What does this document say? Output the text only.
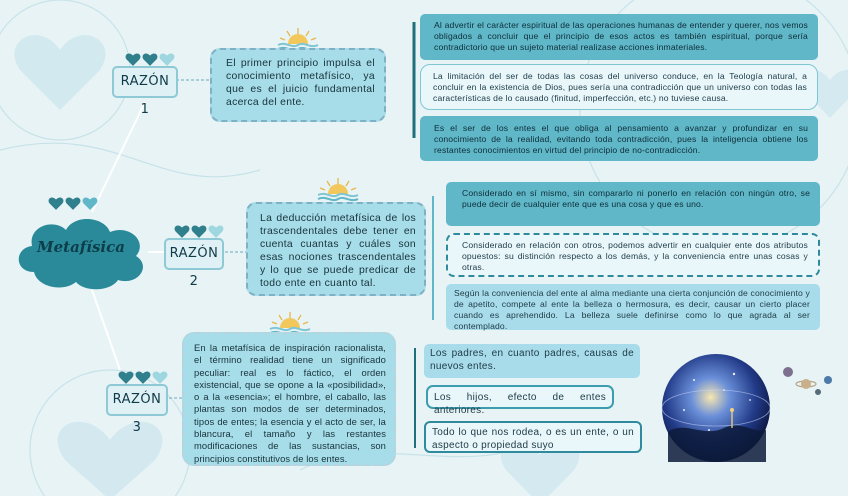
Metafísica
RAZÓN 1
El primer principio impulsa el conocimiento metafísico, ya que es el juicio fundamental acerca del ente.
Al advertir el carácter espiritual de las operaciones humanas de entender y querer, nos vemos obligados a concluir que el principio de esos actos es también espiritual, porque sería contradictorio que un sujeto material realizase acciones inmateriales.
La limitación del ser de todas las cosas del universo conduce, en la Teología natural, a concluir en la existencia de Dios, pues sería una contradicción que un universo con todas las características de lo causado (finitud, imperfección, etc.) no tuviese causa.
Es el ser de los entes el que obliga al pensamiento a avanzar y profundizar en su conocimiento de la realidad, evitando toda contradicción, pues la inteligencia obtiene los restantes conocimientos en virtud del principio de no-contradicción.
RAZÓN 2
La deducción metafísica de los trascendentales debe tener en cuenta cuantas y cuáles son esas nociones trascendentales y lo que se puede predicar de todo ente en cuanto tal.
Considerado en sí mismo, sin compararlo ni ponerlo en relación con ningún otro, se puede decir de cualquier ente que es una cosa y que es uno.
Considerado en relación con otros, podemos advertir en cualquier ente dos atributos opuestos: su distinción respecto a los demás, y la conveniencia entre unas cosas y otras.
Según la conveniencia del ente al alma mediante una cierta conjunción de conocimiento y de apetito, compete al ente la belleza o hermosura, es decir, causar un cierto placer cuando es aprehendido. La belleza suele definirse como lo que agrada al ser contemplado.
RAZÓN 3
En la metafísica de inspiración racionalista, el término realidad tiene un significado peculiar: real es lo fáctico, el orden existencial, que se opone a la «posibilidad», o a la «esencia»; el hombre, el caballo, las plantas son modos de ser determinados, tipos de entes; la esencia y el acto de ser, la blancura, el tamaño y las restantes modificaciones de las sustancias, son principios constitutivos de los entes.
Los padres, en cuanto padres, causas de nuevos entes.
Los hijos, efecto de entes anteriores.
Todo lo que nos rodea, o es un ente, o un aspecto o propiedad suyo
